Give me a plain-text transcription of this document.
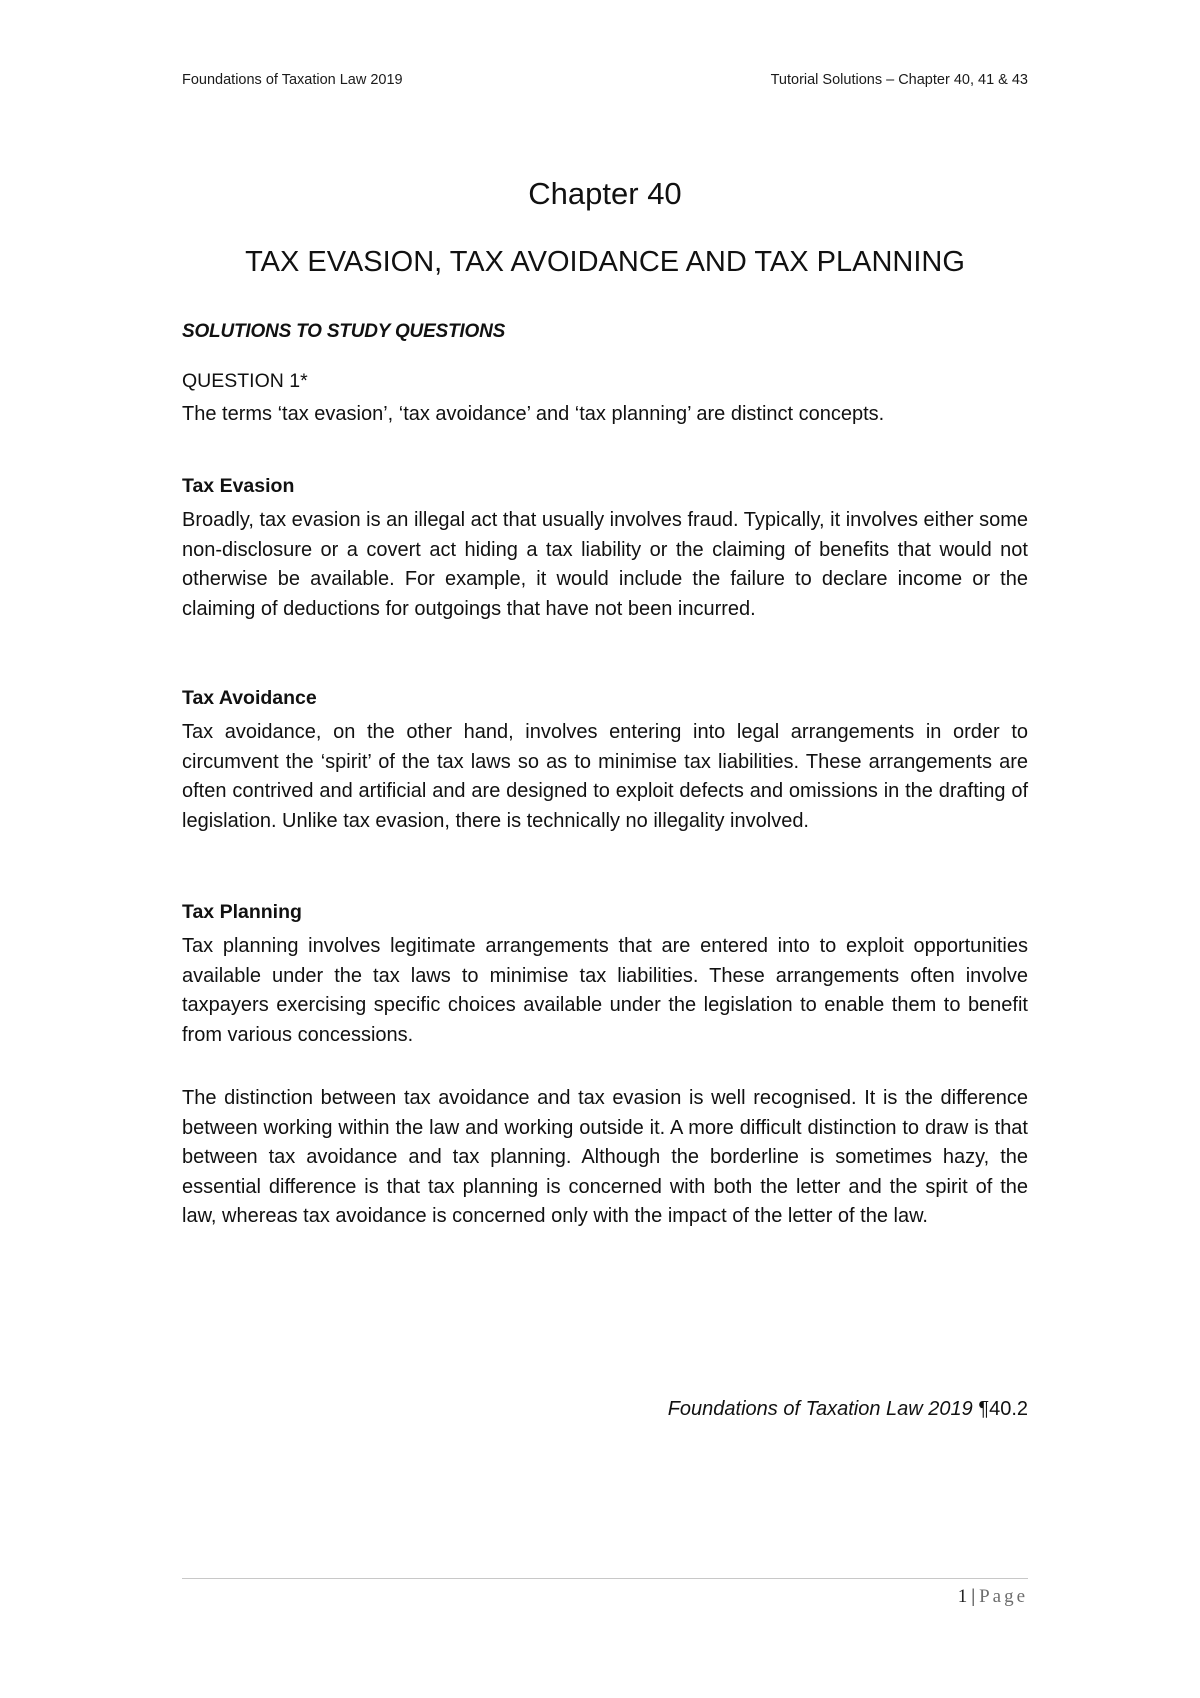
Foundations of Taxation Law 2019	Tutorial Solutions – Chapter 40, 41 & 43
Chapter 40
TAX EVASION, TAX AVOIDANCE AND TAX PLANNING
SOLUTIONS TO STUDY QUESTIONS
QUESTION 1*

The terms ‘tax evasion’, ‘tax avoidance’ and ‘tax planning’ are distinct concepts.

Tax Evasion

Broadly, tax evasion is an illegal act that usually involves fraud. Typically, it involves either some non-disclosure or a covert act hiding a tax liability or the claiming of benefits that would not otherwise be available. For example, it would include the failure to declare income or the claiming of deductions for outgoings that have not been incurred.

Tax Avoidance

Tax avoidance, on the other hand, involves entering into legal arrangements in order to circumvent the ‘spirit’ of the tax laws so as to minimise tax liabilities. These arrangements are often contrived and artificial and are designed to exploit defects and omissions in the drafting of legislation. Unlike tax evasion, there is technically no illegality involved.

Tax Planning

Tax planning involves legitimate arrangements that are entered into to exploit opportunities available under the tax laws to minimise tax liabilities. These arrangements often involve taxpayers exercising specific choices available under the legislation to enable them to benefit from various concessions.

The distinction between tax avoidance and tax evasion is well recognised. It is the difference between working within the law and working outside it. A more difficult distinction to draw is that between tax avoidance and tax planning. Although the borderline is sometimes hazy, the essential difference is that tax planning is concerned with both the letter and the spirit of the law, whereas tax avoidance is concerned only with the impact of the letter of the law.

Foundations of Taxation Law 2019 ¶40.2
1 | Page
